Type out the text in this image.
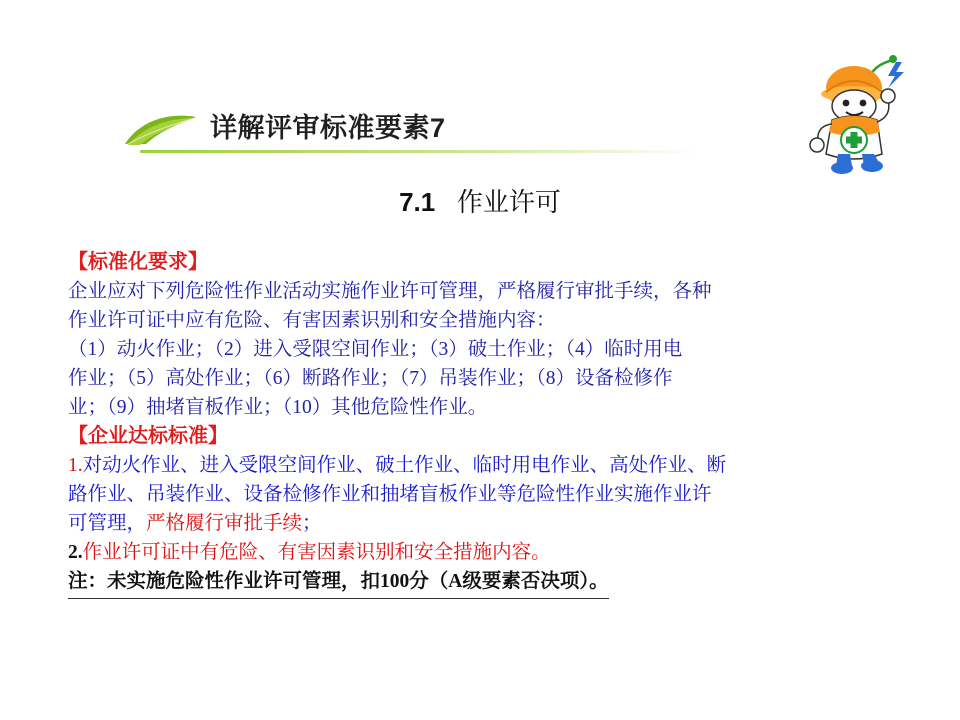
详解评审标准要素7
7.1 作业许可
【标准化要求】
企业应对下列危险性作业活动实施作业许可管理，严格履行审批手续，各种
作业许可证中应有危险、有害因素识别和安全措施内容：
（1）动火作业；（2）进入受限空间作业；（3）破土作业；（4）临时用电
作业；（5）高处作业；（6）断路作业；（7）吊装作业；（8）设备检修作
业；（9）抽堵盲板作业；（10）其他危险性作业。
【企业达标标准】
1.对动火作业、进入受限空间作业、破土作业、临时用电作业、高处作业、断
路作业、吊装作业、设备检修作业和抽堵盲板作业等危险性作业实施作业许
可管理，严格履行审批手续；
2.作业许可证中有危险、有害因素识别和安全措施内容。
注：未实施危险性作业许可管理，扣100分（A级要素否决项）。
